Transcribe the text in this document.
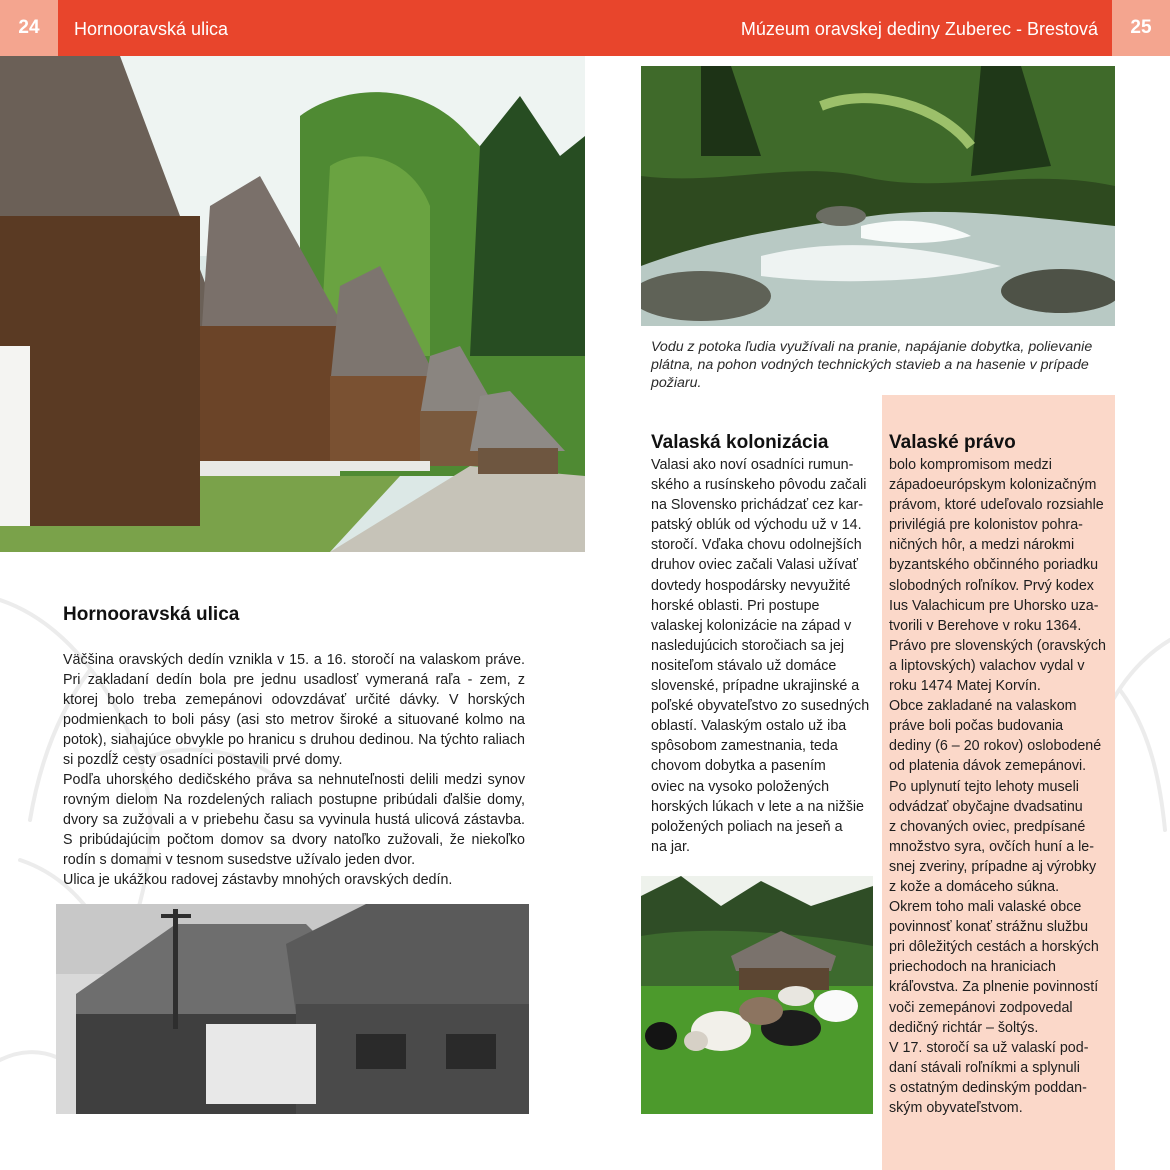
24	Hornooravská ulica	Múzeum oravskej dediny Zuberec - Brestová	25
Vodu z potoka ľudia využívali na pranie, napájanie dobytka, polievanie plátna, na pohon vodných technických stavieb a na hasenie v prípade požiaru.
Hornooravská ulica

Väčšina oravských dedín vznikla v 15. a 16. storočí na valaskom práve. Pri zakladaní dedín bola pre jednu usadlosť vymeraná raľa - zem, z ktorej bolo treba zemepánovi odovzdávať určité dávky. V horských podmienkach to boli pásy (asi sto metrov široké a situované kolmo na potok), siahajúce obvykle po hranicu s druhou dedinou. Na týchto raliach si pozdĺž cesty osadníci postavili prvé domy.

Podľa uhorského dedičského práva sa nehnuteľnosti delili medzi synov rovným dielom Na rozdelených raliach postupne pribúdali ďalšie domy, dvory sa zužovali a v priebehu času sa vyvinula hustá ulicová zástavba. S pribúdajúcim počtom domov sa dvory natoľko zužovali, že niekoľko rodín s domami v tesnom susedstve užívalo jeden dvor.

Ulica je ukážkou radovej zástavby mnohých oravských dedín.

Valaská kolonizácia
Valasi ako noví osadníci rumun-
ského a rusínskeho pôvodu začali
na Slovensko prichádzať cez kar-
patský oblúk od východu už v 14.
storočí. Vďaka chovu odolnejších
druhov oviec začali Valasi užívať
dovtedy hospodársky nevyužité
horské oblasti. Pri postupe
valaskej kolonizácie na západ v
nasledujúcich storočiach sa jej
nositeľom stávalo už domáce
slovenské, prípadne ukrajinské a
poľské obyvateľstvo zo susedných
oblastí. Valaským ostalo už iba
spôsobom zamestnania, teda
chovom dobytka a pasením
oviec na vysoko položených
horských lúkach v lete a na nižšie
položených poliach na jeseň a
na jar.
Valaské právo
bolo kompromisom medzi
západoeurópskym kolonizačným
právom, ktoré udeľovalo rozsiahle
privilégiá pre kolonistov pohra-
ničných hôr, a medzi nárokmi
byzantského občinného poriadku
slobodných roľníkov. Prvý kodex
Ius Valachicum pre Uhorsko uza-
tvorili v Berehove v roku 1364.
Právo pre slovenských (oravských
a liptovských) valachov vydal v
roku 1474 Matej Korvín.
Obce zakladané na valaskom
práve boli počas budovania
dediny (6 – 20 rokov) oslobodené
od platenia dávok zemepánovi.
Po uplynutí tejto lehoty museli
odvádzať obyčajne dvadsatinu
z chovaných oviec, predpísané
množstvo syra, ovčích huní a le-
snej zveriny, prípadne aj výrobky
z kože a domáceho súkna.
Okrem toho mali valaské obce
povinnosť konať strážnu službu
pri dôležitých cestách a horských
priechodoch na hraniciach
kráľovstva. Za plnenie povinností
voči zemepánovi zodpovedal
dedičný richtár – šoltýs.
V 17. storočí sa už valaskí pod-
daní stávali roľníkmi a splynuli
s ostatným dedinským poddan-
ským obyvateľstvom.
